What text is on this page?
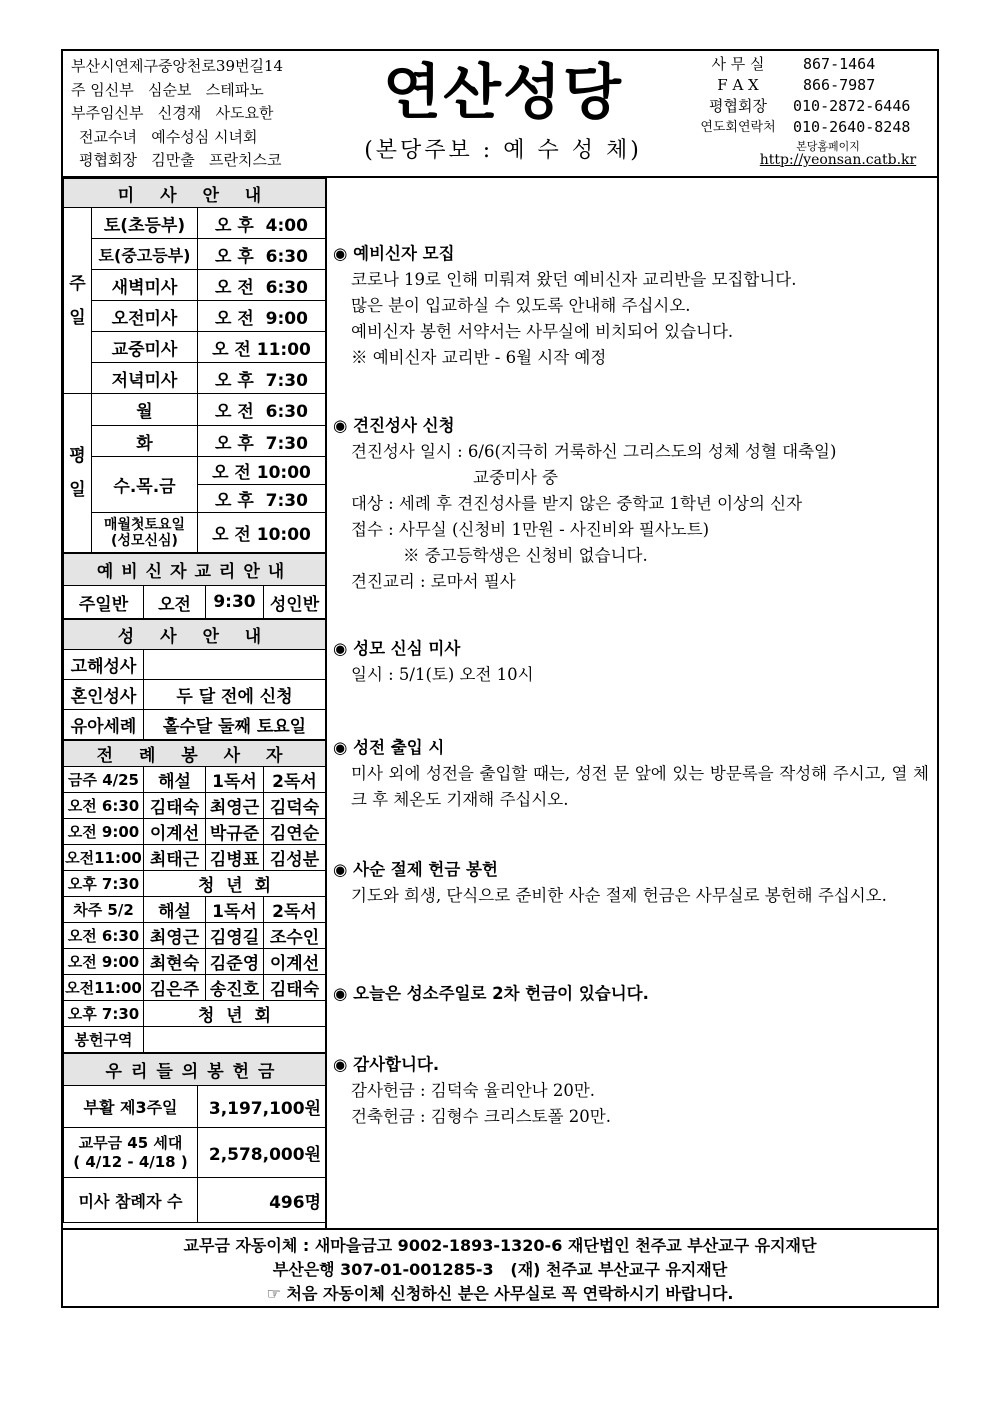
부산시연제구중앙천로39번길14
주 임신부   심순보   스테파노
부주임신부   신경재   사도요한
전교수녀   예수성심 시녀회
평협회장   김만출   프란치스코
연산성당
(본당주보 : 예 수 성 체)
사 무 실	867-1464
F A X	866-7987
평협회장	010-2872-6446
연도회연락처	010-2640-8248
본당홈페이지
http://yeonsan.catb.kr
미 사 안 내		
주
일	토(초등부)	오 후  4:00
	토(중고등부)	오 후  6:30
	새벽미사	오 전  6:30
	오전미사	오 전  9:00
	교중미사	오 전 11:00
	저녁미사	오 후  7:30
평
일	월	오 전  6:30
	화	오 후  7:30
	수.목.금	오 전 10:00
		오 후  7:30
	매월첫토요일
(성모신심)	오 전 10:00
예비신자교리안내
주일반	오전	9:30	성인반
성 사 안 내	
고해성사	
혼인성사	두 달 전에 신청
유아세례	홀수달 둘째 토요일
전 례 봉 사 자			
금주 4/25	해설	1독서	2독서
오전 6:30	김태숙	최영근	김덕숙
오전 9:00	이계선	박규준	김연순
오전11:00	최태근	김병표	김성분
오후 7:30	청  년  회		
차주 5/2	해설	1독서	2독서
오전 6:30	최영근	김영길	조수인
오전 9:00	최현숙	김준영	이계선
오전11:00	김은주	송진호	김태숙
오후 7:30	청  년  회		
봉헌구역			
우리들의봉헌금	
부활 제3주일	3,197,100원
교무금 45 세대
( 4/12 - 4/18 )	2,578,000원
미사 참례자 수	496명
◉ 예비신자 모집
코로나 19로 인해 미뤄져 왔던 예비신자 교리반을 모집합니다.
많은 분이 입교하실 수 있도록 안내해 주십시오.
예비신자 봉헌 서약서는 사무실에 비치되어 있습니다.
※ 예비신자 교리반 - 6월 시작 예정
◉ 견진성사 신청
견진성사 일시 : 6/6(지극히 거룩하신 그리스도의 성체 성혈 대축일)
교중미사 중
대상 : 세례 후 견진성사를 받지 않은 중학교 1학년 이상의 신자
접수 : 사무실 (신청비 1만원 - 사진비와 필사노트)
※ 중고등학생은 신청비 없습니다.
견진교리 : 로마서 필사
◉ 성모 신심 미사
일시 : 5/1(토) 오전 10시
◉ 성전 출입 시
미사 외에 성전을 출입할 때는, 성전 문 앞에 있는 방문록을 작성해 주시고, 열 체크 후 체온도 기재해 주십시오.
◉ 사순 절제 헌금 봉헌
기도와 희생, 단식으로 준비한 사순 절제 헌금은 사무실로 봉헌해 주십시오.
◉ 오늘은 성소주일로 2차 헌금이 있습니다.
◉ 감사합니다.
감사헌금 : 김덕숙 율리안나 20만.
건축헌금 : 김형수 크리스토폴 20만.
교무금 자동이체 : 새마을금고 9002-1893-1320-6 재단법인 천주교 부산교구 유지재단
부산은행 307-01-001285-3   (재) 천주교 부산교구 유지재단
☞ 처음 자동이체 신청하신 분은 사무실로 꼭 연락하시기 바랍니다.
